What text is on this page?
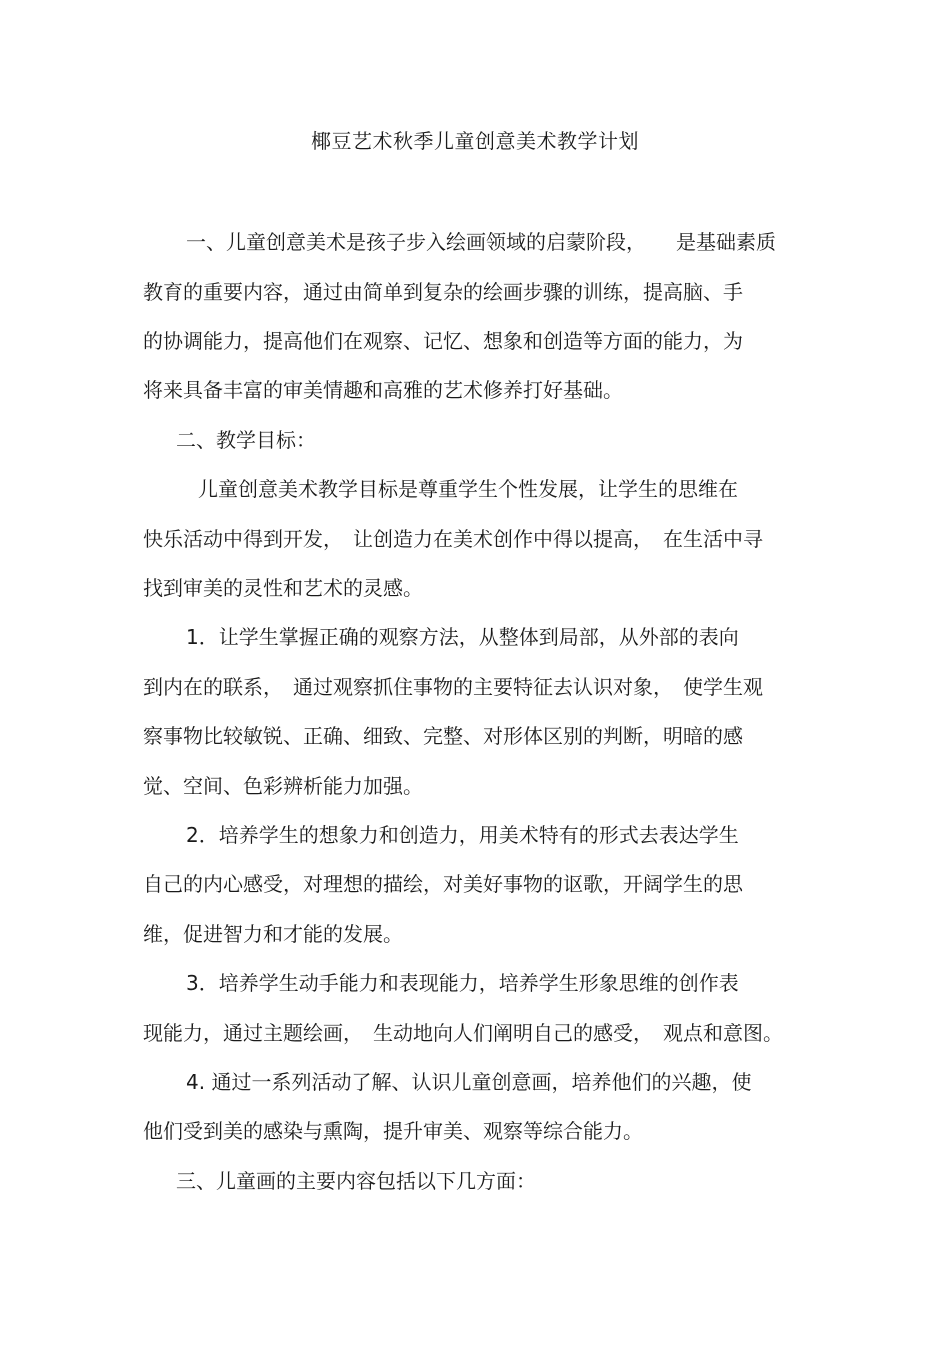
椰豆艺术秋季儿童创意美术教学计划
一、儿童创意美术是孩子步入绘画领域的启蒙阶段，　　是基础素质
教育的重要内容，通过由简单到复杂的绘画步骤的训练，提高脑、手
的协调能力，提高他们在观察、记忆、想象和创造等方面的能力，为
将来具备丰富的审美情趣和高雅的艺术修养打好基础。
二、教学目标：
儿童创意美术教学目标是尊重学生个性发展，让学生的思维在
快乐活动中得到开发，　让创造力在美术创作中得以提高，　在生活中寻
找到审美的灵性和艺术的灵感。
1．让学生掌握正确的观察方法，从整体到局部，从外部的表向
到内在的联系，　通过观察抓住事物的主要特征去认识对象，　使学生观
察事物比较敏锐、正确、细致、完整、对形体区别的判断，明暗的感
觉、空间、色彩辨析能力加强。
2．培养学生的想象力和创造力，用美术特有的形式去表达学生
自己的内心感受，对理想的描绘，对美好事物的讴歌，开阔学生的思
维，促进智力和才能的发展。
3．培养学生动手能力和表现能力，培养学生形象思维的创作表
现能力，通过主题绘画，　生动地向人们阐明自己的感受，　观点和意图。
4. 通过一系列活动了解、认识儿童创意画，培养他们的兴趣，使
他们受到美的感染与熏陶，提升审美、观察等综合能力。
三、儿童画的主要内容包括以下几方面：
